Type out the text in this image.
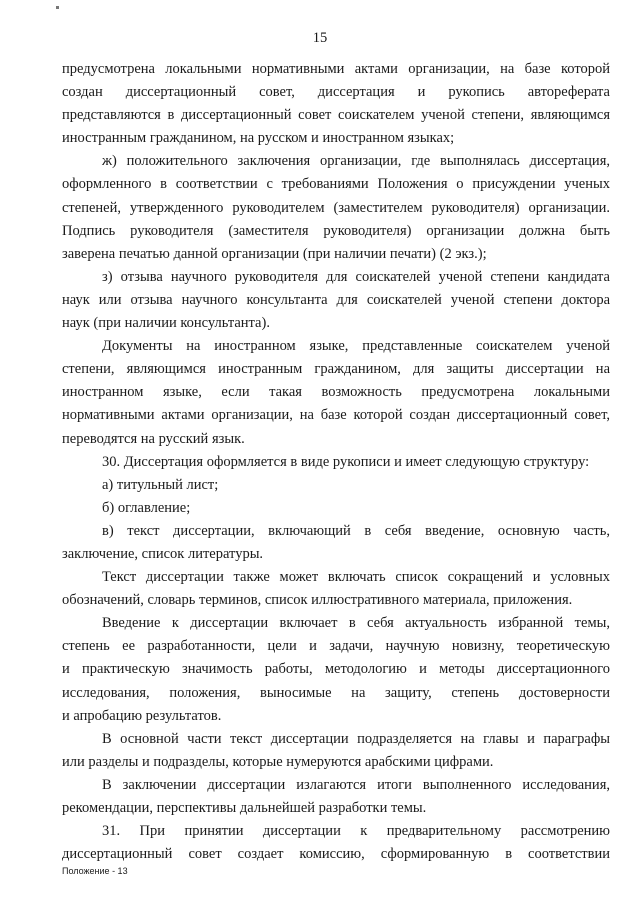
15
предусмотрена локальными нормативными актами организации, на базе которой
создан диссертационный совет, диссертация и рукопись автореферата
представляются в диссертационный совет соискателем ученой степени, являющимся
иностранным гражданином, на русском и иностранном языках;
ж) положительного заключения организации, где выполнялась диссертация,
оформленного в соответствии с требованиями Положения о присуждении ученых
степеней, утвержденного руководителем (заместителем руководителя) организации.
Подпись руководителя (заместителя руководителя) организации должна быть
заверена печатью данной организации (при наличии печати) (2 экз.);
з) отзыва научного руководителя для соискателей ученой степени кандидата
наук или отзыва научного консультанта для соискателей ученой степени доктора
наук (при наличии консультанта).
Документы на иностранном языке, представленные соискателем ученой
степени, являющимся иностранным гражданином, для защиты диссертации на
иностранном языке, если такая возможность предусмотрена локальными
нормативными актами организации, на базе которой создан диссертационный совет,
переводятся на русский язык.
30. Диссертация оформляется в виде рукописи и имеет следующую структуру:
а) титульный лист;
б) оглавление;
в) текст диссертации, включающий в себя введение, основную часть,
заключение, список литературы.
Текст диссертации также может включать список сокращений и условных
обозначений, словарь терминов, список иллюстративного материала, приложения.
Введение к диссертации включает в себя актуальность избранной темы,
степень ее разработанности, цели и задачи, научную новизну, теоретическую
и практическую значимость работы, методологию и методы диссертационного
исследования, положения, выносимые на защиту, степень достоверности
и апробацию результатов.
В основной части текст диссертации подразделяется на главы и параграфы
или разделы и подразделы, которые нумеруются арабскими цифрами.
В заключении диссертации излагаются итоги выполненного исследования,
рекомендации, перспективы дальнейшей разработки темы.
31. При принятии диссертации к предварительному рассмотрению
диссертационный совет создает комиссию, сформированную в соответствии
Положение - 13
